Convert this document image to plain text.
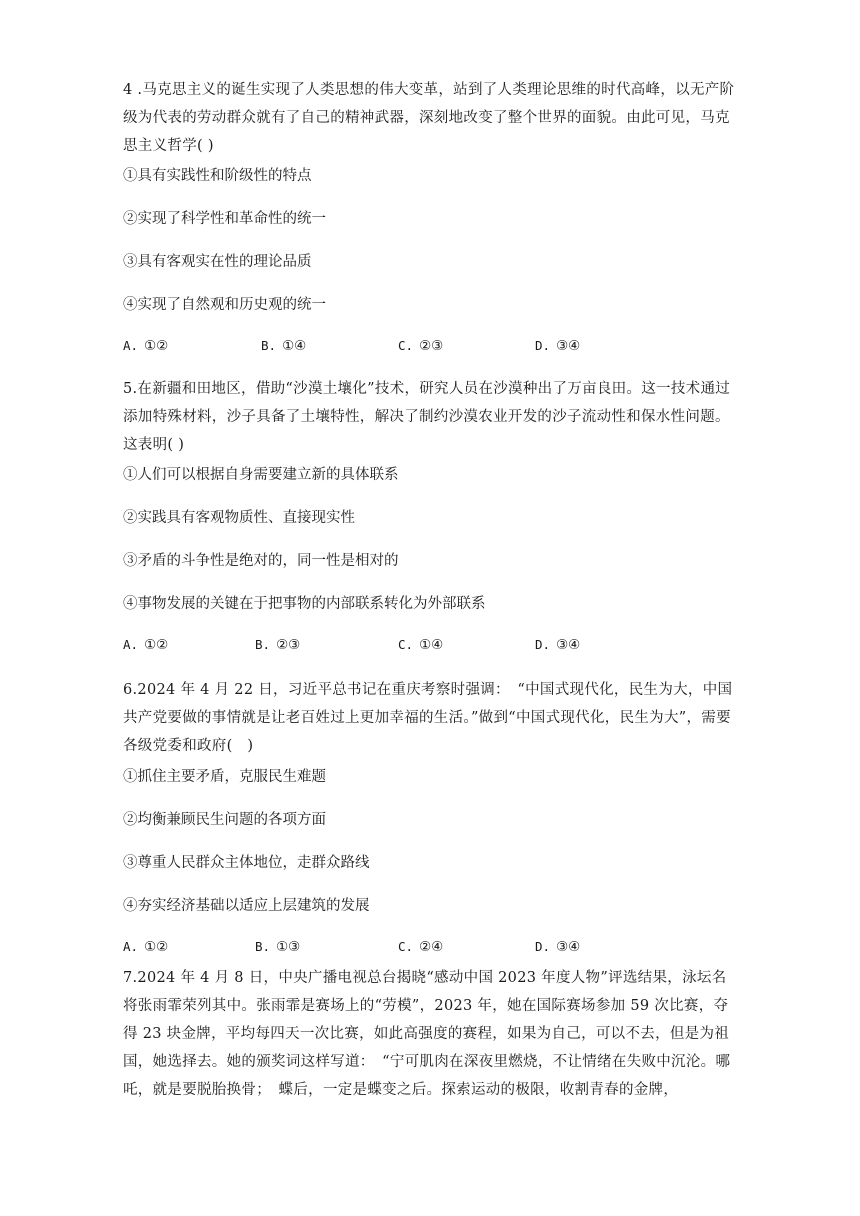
4 .马克思主义的诞生实现了人类思想的伟大变革，站到了人类理论思维的时代高峰，以无产阶级为代表的劳动群众就有了自己的精神武器，深刻地改变了整个世界的面貌。由此可见，马克思主义哲学( )

①具有实践性和阶级性的特点

②实现了科学性和革命性的统一

③具有客观实在性的理论品质

④实现了自然观和历史观的统一

A. ①②	B. ①④	C. ②③	D. ③④

5.在新疆和田地区，借助“沙漠土壤化”技术，研究人员在沙漠种出了万亩良田。这一技术通过添加特殊材料，沙子具备了土壤特性，解决了制约沙漠农业开发的沙子流动性和保水性问题。这表明( )

①人们可以根据自身需要建立新的具体联系

②实践具有客观物质性、直接现实性

③矛盾的斗争性是绝对的，同一性是相对的

④事物发展的关键在于把事物的内部联系转化为外部联系

A. ①②	B. ②③	C. ①④	D. ③④

6.2024 年 4 月 22 日，习近平总书记在重庆考察时强调：　“中国式现代化，民生为大，中国共产党要做的事情就是让老百姓过上更加幸福的生活。”做到“中国式现代化，民生为大”，需要各级党委和政府(　)

①抓住主要矛盾，克服民生难题

②均衡兼顾民生问题的各项方面

③尊重人民群众主体地位，走群众路线

④夯实经济基础以适应上层建筑的发展

A. ①②	B. ①③	C. ②④	D. ③④

7.2024 年 4 月 8 日，中央广播电视总台揭晓“感动中国 2023 年度人物”评选结果，泳坛名将张雨霏荣列其中。张雨霏是赛场上的“劳模”，2023 年，她在国际赛场参加 59 次比赛，夺得 23 块金牌，平均每四天一次比赛，如此高强度的赛程，如果为自己，可以不去，但是为祖国，她选择去。她的颁奖词这样写道：　“宁可肌肉在深夜里燃烧，不让情绪在失败中沉沦。哪吒，就是要脱胎换骨；　蝶后，一定是蝶变之后。探索运动的极限，收割青春的金牌，
